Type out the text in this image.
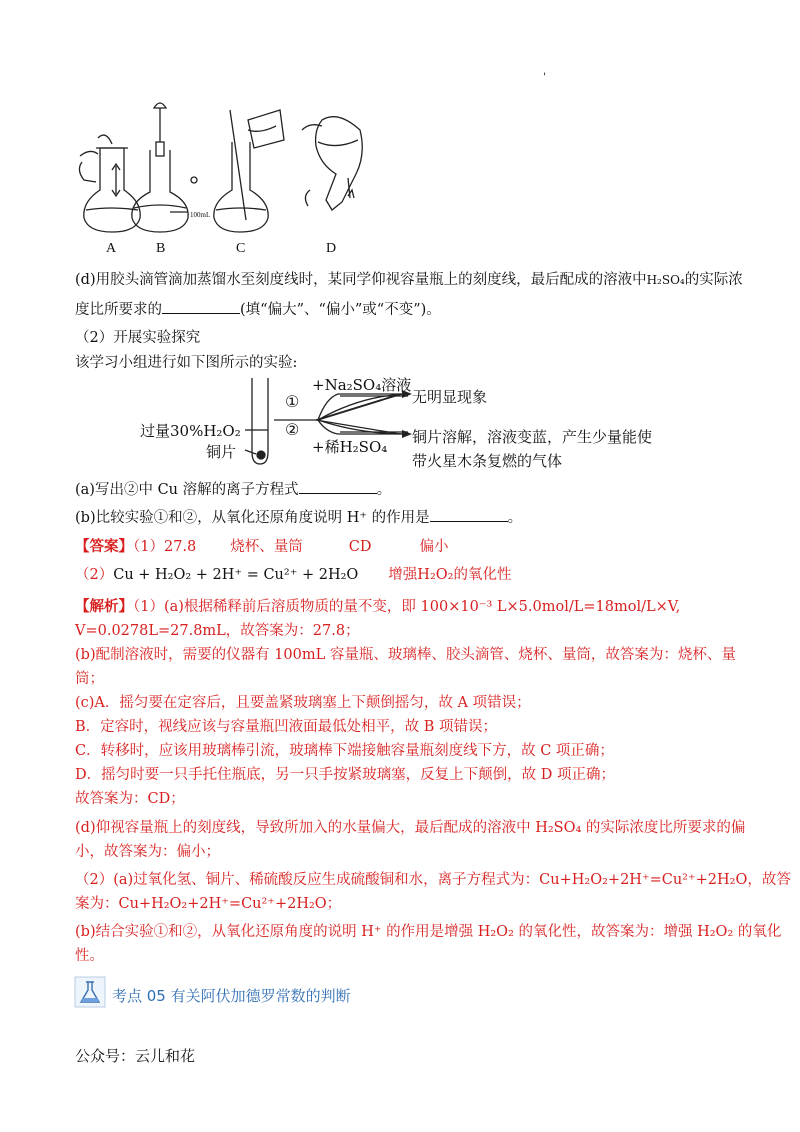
'
A	B	C	D
100mL
(d)用胶头滴管滴加蒸馏水至刻度线时，某同学仰视容量瓶上的刻度线，最后配成的溶液中H₂SO₄的实际浓
度比所要求的	(填“偏大”、“偏小”或“不变”)。
（2）开展实验探究
该学习小组进行如下图所示的实验:
过量30%H₂O₂
铜片
①
②
+Na₂SO₄溶液
+稀H₂SO₄
无明显现象
铜片溶解，溶液变蓝，产生少量能使
带火星木条复燃的气体
(a)写出②中 Cu 溶解的离子方程式	。
(b)比较实验①和②，从氧化还原角度说明 H⁺ 的作用是	。
【答案】（1）27.8 烧杯、量筒	CD	偏小
（2）Cu + H₂O₂ + 2H⁺ = Cu²⁺ + 2H₂O 增强H₂O₂的氧化性
【解析】（1）(a)根据稀释前后溶质物质的量不变，即 100×10⁻³ L×5.0mol/L=18mol/L×V,
V=0.0278L=27.8mL，故答案为：27.8；
(b)配制溶液时，需要的仪器有 100mL 容量瓶、玻璃棒、胶头滴管、烧杯、量筒，故答案为：烧杯、量
筒；
(c)A．摇匀要在定容后，且要盖紧玻璃塞上下颠倒摇匀，故 A 项错误；
B．定容时，视线应该与容量瓶凹液面最低处相平，故 B 项错误；
C．转移时，应该用玻璃棒引流，玻璃棒下端接触容量瓶刻度线下方，故 C 项正确；
D．摇匀时要一只手托住瓶底，另一只手按紧玻璃塞，反复上下颠倒，故 D 项正确；
故答案为：CD；
(d)仰视容量瓶上的刻度线，导致所加入的水量偏大，最后配成的溶液中 H₂SO₄ 的实际浓度比所要求的偏
小，故答案为：偏小；
（2）(a)过氧化氢、铜片、稀硫酸反应生成硫酸铜和水，离子方程式为：Cu+H₂O₂+2H⁺=Cu²⁺+2H₂O，故答
案为：Cu+H₂O₂+2H⁺=Cu²⁺+2H₂O；
(b)结合实验①和②，从氧化还原角度的说明 H⁺ 的作用是增强 H₂O₂ 的氧化性，故答案为：增强 H₂O₂ 的氧化
性。
考点 05 有关阿伏加德罗常数的判断
公众号：云儿和花
